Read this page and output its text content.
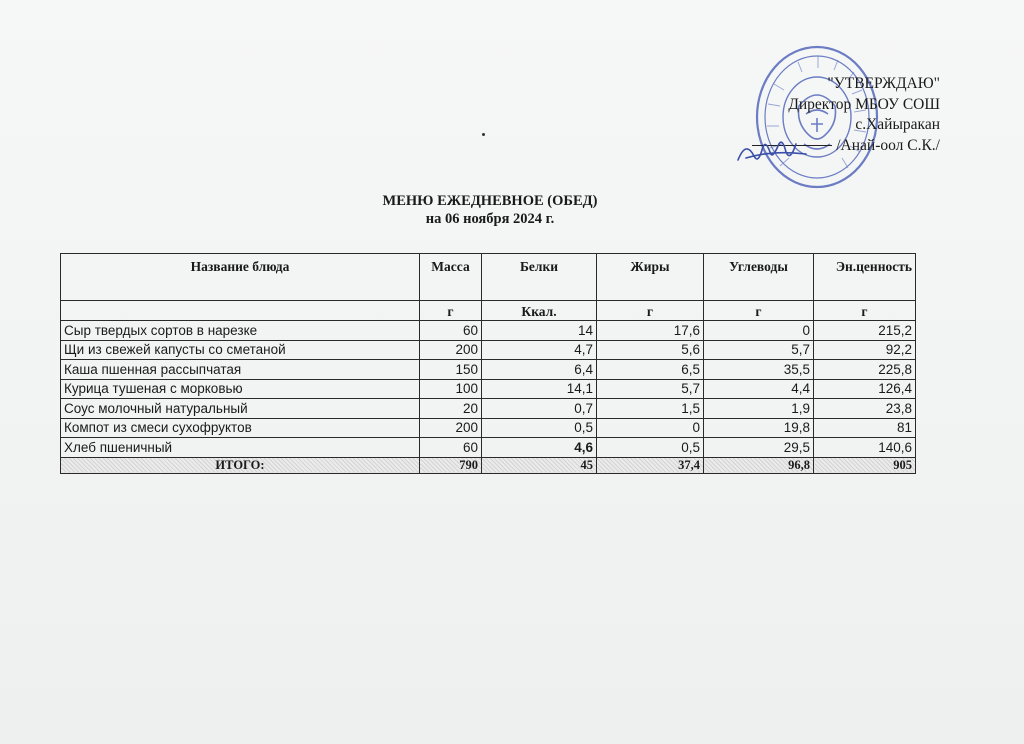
"УТВЕРЖДАЮ"
Директор МБОУ СОШ
с.Хайыракан
/Анай-оол С.К./
МЕНЮ ЕЖЕДНЕВНОЕ (ОБЕД)
на 06 ноября 2024 г.
Название блюда	Масса	Белки	Жиры	Углеводы	Эн.ценность
	г	Ккал.	г	г	г
Сыр твердых сортов в нарезке	60	14	17,6	0	215,2
Щи из свежей капусты со сметаной	200	4,7	5,6	5,7	92,2
Каша пшенная рассыпчатая	150	6,4	6,5	35,5	225,8
Курица тушеная с морковью	100	14,1	5,7	4,4	126,4
Соус молочный натуральный	20	0,7	1,5	1,9	23,8
Компот из смеси сухофруктов	200	0,5	0	19,8	81
Хлеб пшеничный	60	4,6	0,5	29,5	140,6
ИТОГО:	790	45	37,4	96,8	905
